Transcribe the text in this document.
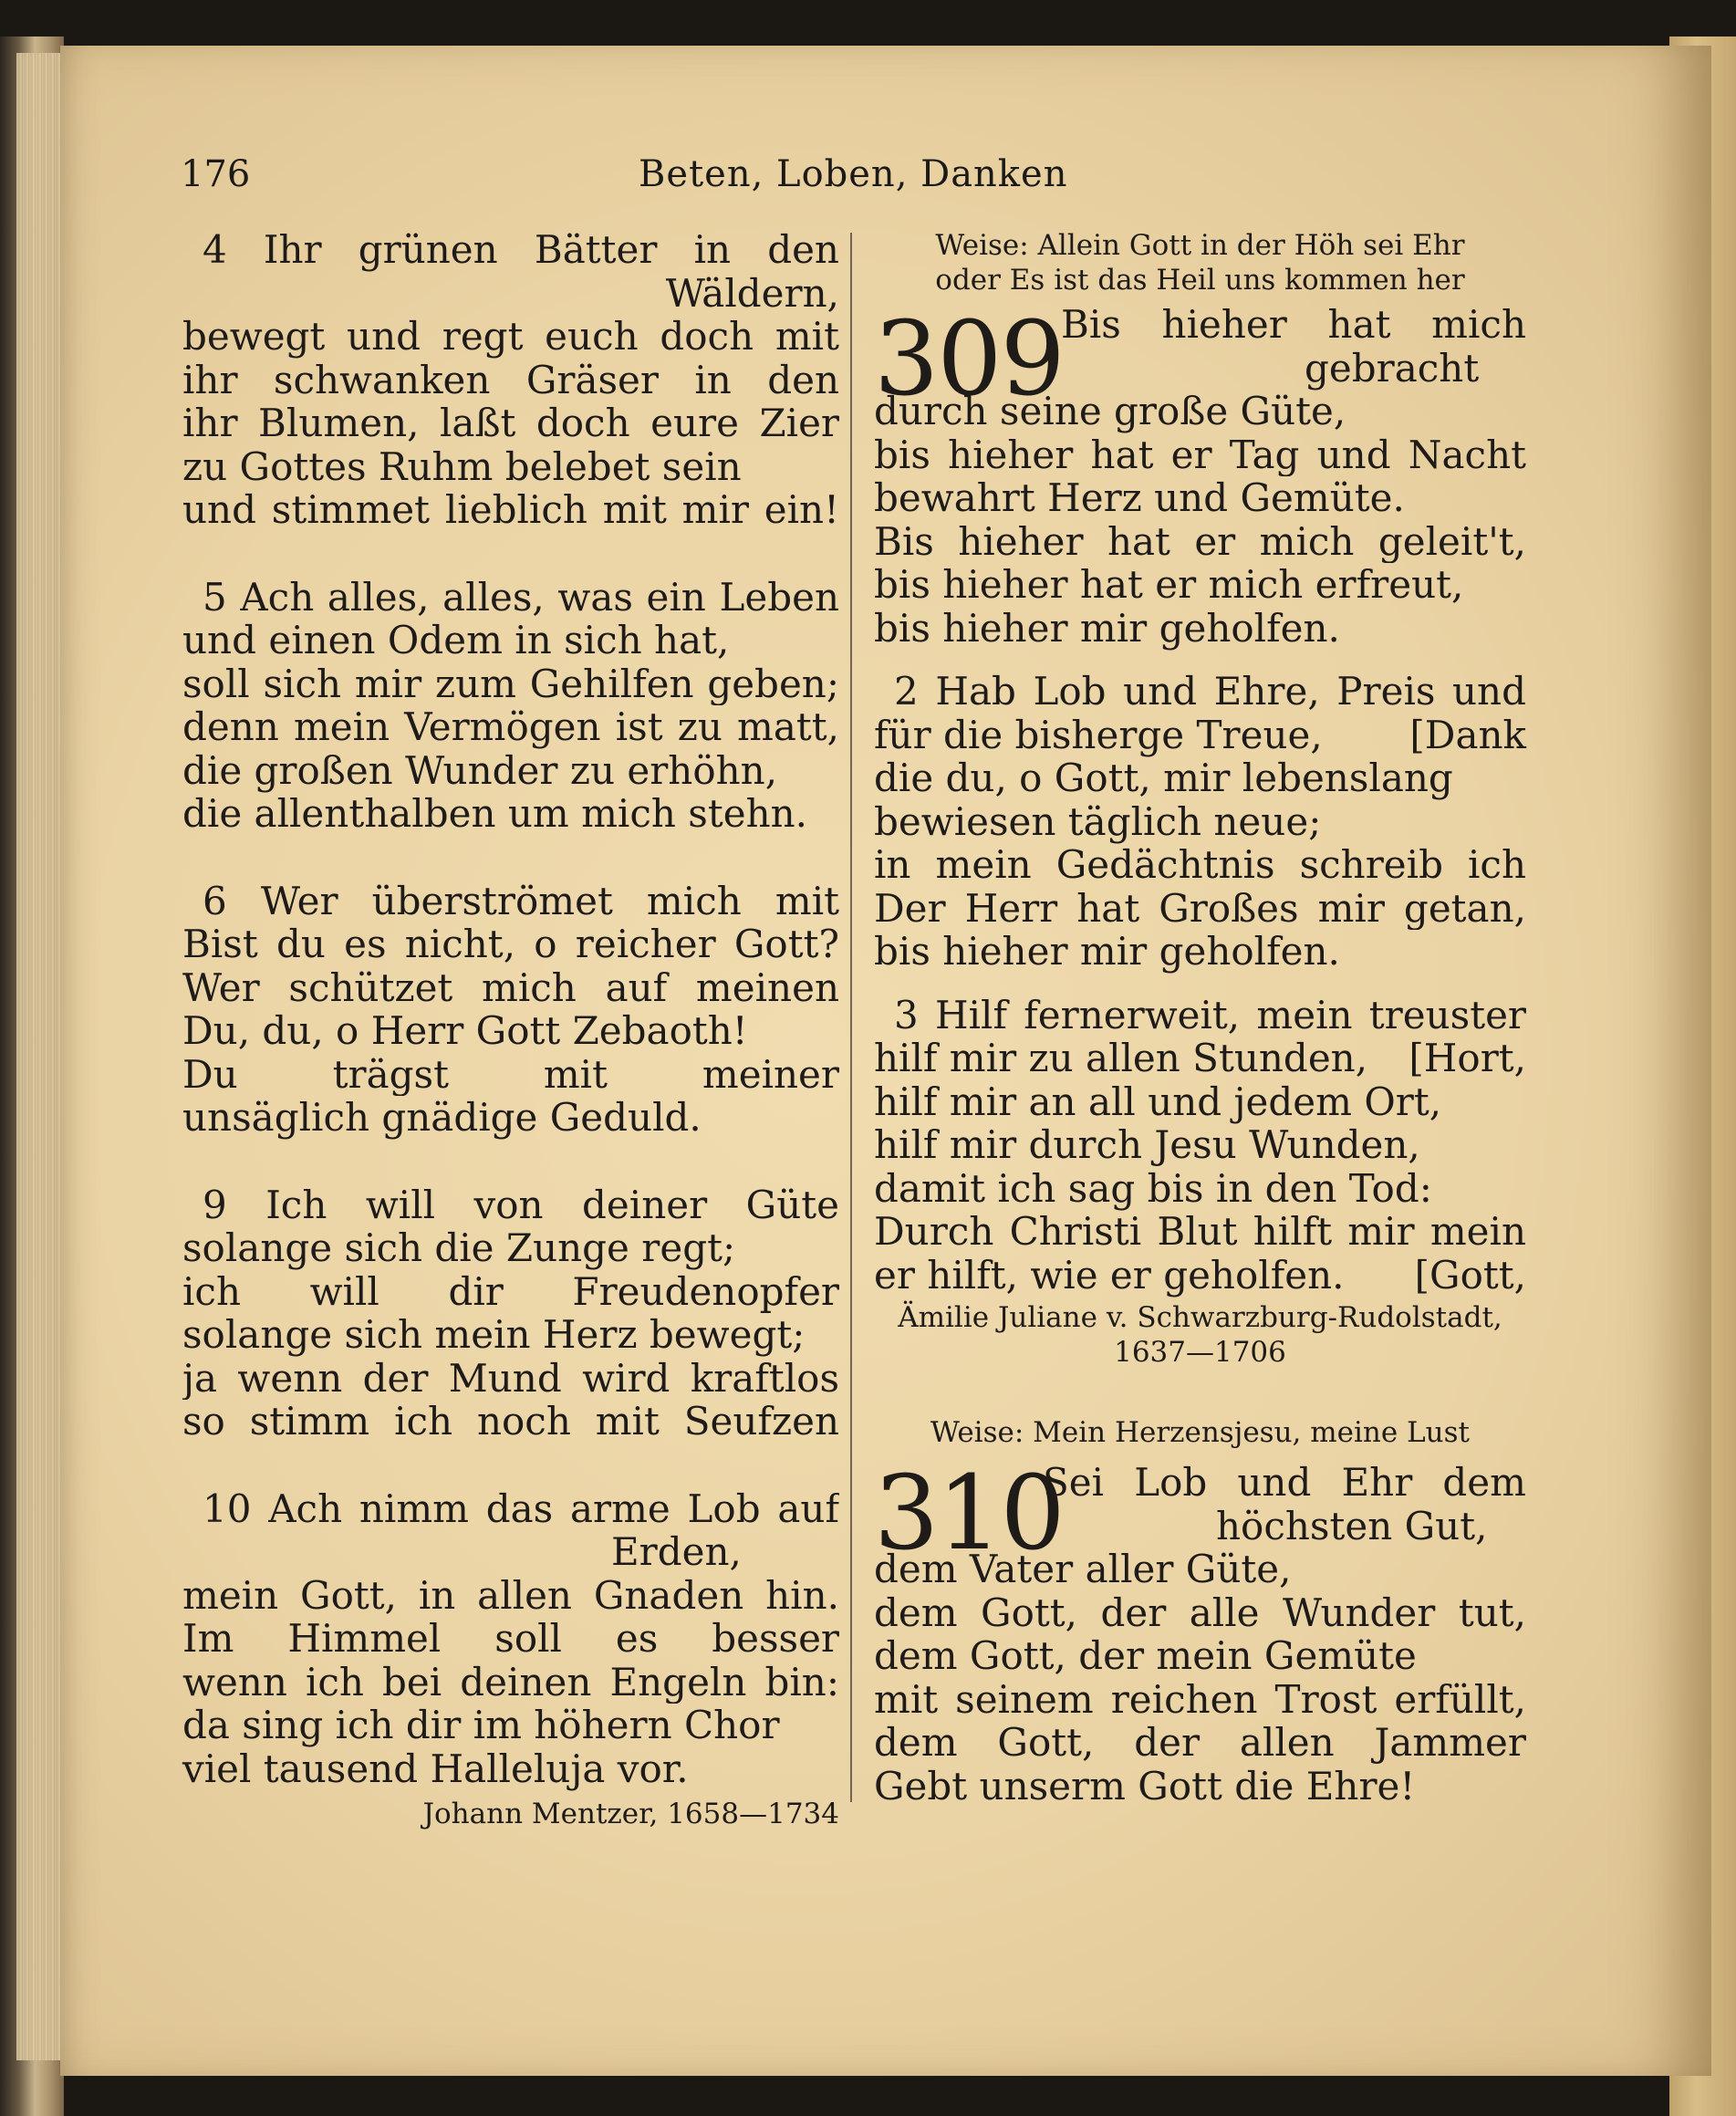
176	Beten, Loben, Danken
4 Ihr grünen Bätter in den
Wäldern,
bewegt und regt euch doch mit
ihr schwanken Gräser in den
ihr Blumen, laßt doch eure Zier
zu Gottes Ruhm belebet sein
und stimmet lieblich mit mir ein!
5 Ach alles, alles, was ein Leben
und einen Odem in sich hat,
soll sich mir zum Gehilfen geben;
denn mein Vermögen ist zu matt,
die großen Wunder zu erhöhn,
die allenthalben um mich stehn.
6 Wer überströmet mich mit
Bist du es nicht, o reicher Gott?
Wer schützet mich auf meinen
Du, du, o Herr Gott Zebaoth!
Du trägst mit meiner
unsäglich gnädige Geduld.
9 Ich will von deiner Güte
solange sich die Zunge regt;
ich will dir Freudenopfer
solange sich mein Herz bewegt;
ja wenn der Mund wird kraftlos
so stimm ich noch mit Seufzen
10 Ach nimm das arme Lob auf
Erden,
mein Gott, in allen Gnaden hin.
Im Himmel soll es besser
wenn ich bei deinen Engeln bin:
da sing ich dir im höhern Chor
viel tausend Halleluja vor.
Johann Mentzer, 1658—1734
Weise: Allein Gott in der Höh sei Ehr
oder Es ist das Heil uns kommen her
309
Bis hieher hat mich
gebracht
durch seine große Güte,
bis hieher hat er Tag und Nacht
bewahrt Herz und Gemüte.
Bis hieher hat er mich geleit't,
bis hieher hat er mich erfreut,
bis hieher mir geholfen.
2 Hab Lob und Ehre, Preis und
für die bisherge Treue, [Dank
die du, o Gott, mir lebenslang
bewiesen täglich neue;
in mein Gedächtnis schreib ich
Der Herr hat Großes mir getan,
bis hieher mir geholfen.
3 Hilf fernerweit, mein treuster
hilf mir zu allen Stunden, [Hort,
hilf mir an all und jedem Ort,
hilf mir durch Jesu Wunden,
damit ich sag bis in den Tod:
Durch Christi Blut hilft mir mein
er hilft, wie er geholfen. [Gott,
Ämilie Juliane v. Schwarzburg-Rudolstadt,
1637—1706
Weise: Mein Herzensjesu, meine Lust
310
Sei Lob und Ehr dem
höchsten Gut,
dem Vater aller Güte,
dem Gott, der alle Wunder tut,
dem Gott, der mein Gemüte
mit seinem reichen Trost erfüllt,
dem Gott, der allen Jammer
Gebt unserm Gott die Ehre!
